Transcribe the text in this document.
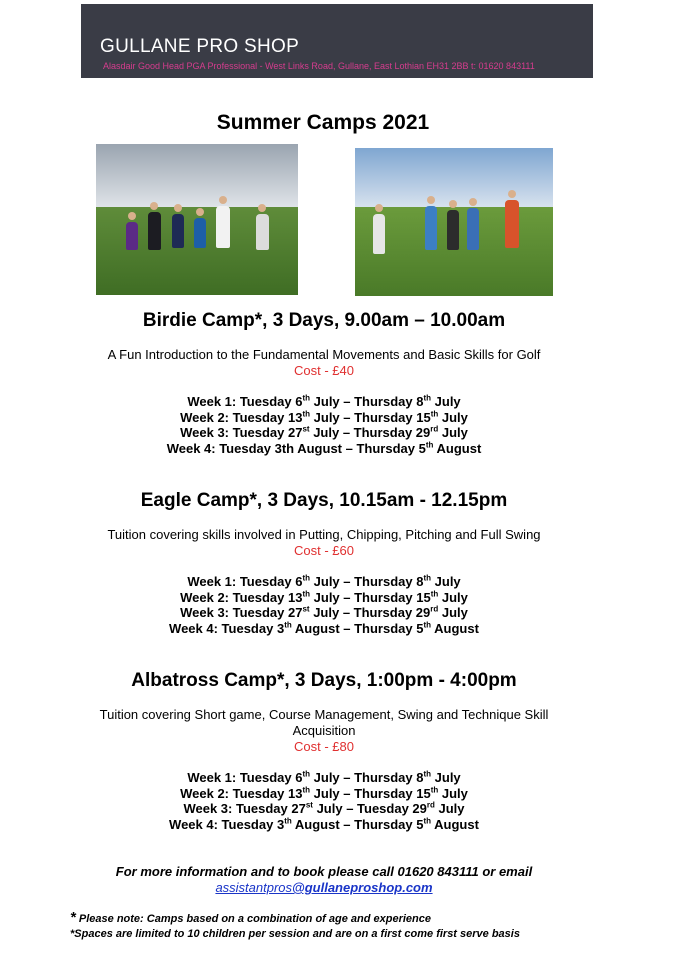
GULLANE PRO SHOP
Alasdair Good Head PGA Professional - West Links Road, Gullane, East Lothian EH31 2BB t: 01620 843111
Summer Camps 2021
Birdie Camp*, 3 Days, 9.00am – 10.00am
A Fun Introduction to the Fundamental Movements and Basic Skills for Golf
Cost - £40
Week 1: Tuesday 6th July – Thursday 8th July
Week 2: Tuesday 13th July – Thursday 15th July
Week 3: Tuesday 27st July – Thursday 29rd July
Week 4: Tuesday 3th August – Thursday 5th August
Eagle Camp*, 3 Days, 10.15am - 12.15pm
Tuition covering skills involved in Putting, Chipping, Pitching and Full Swing
Cost - £60
Week 1: Tuesday 6th July – Thursday 8th July
Week 2: Tuesday 13th July – Thursday 15th July
Week 3: Tuesday 27st July – Thursday 29rd July
Week 4: Tuesday 3th August – Thursday 5th August
Albatross Camp*, 3 Days, 1:00pm - 4:00pm
Tuition covering Short game, Course Management, Swing and Technique Skill Acquisition
Cost - £80
Week 1: Tuesday 6th July – Thursday 8th July
Week 2: Tuesday 13th July – Thursday 15th July
Week 3: Tuesday 27st July – Tuesday 29rd July
Week 4: Tuesday 3th August – Thursday 5th August
For more information and to book please call 01620 843111 or email
assistantpros@gullaneproshop.com
* Please note: Camps based on a combination of age and experience
*Spaces are limited to 10 children per session and are on a first come first serve basis
